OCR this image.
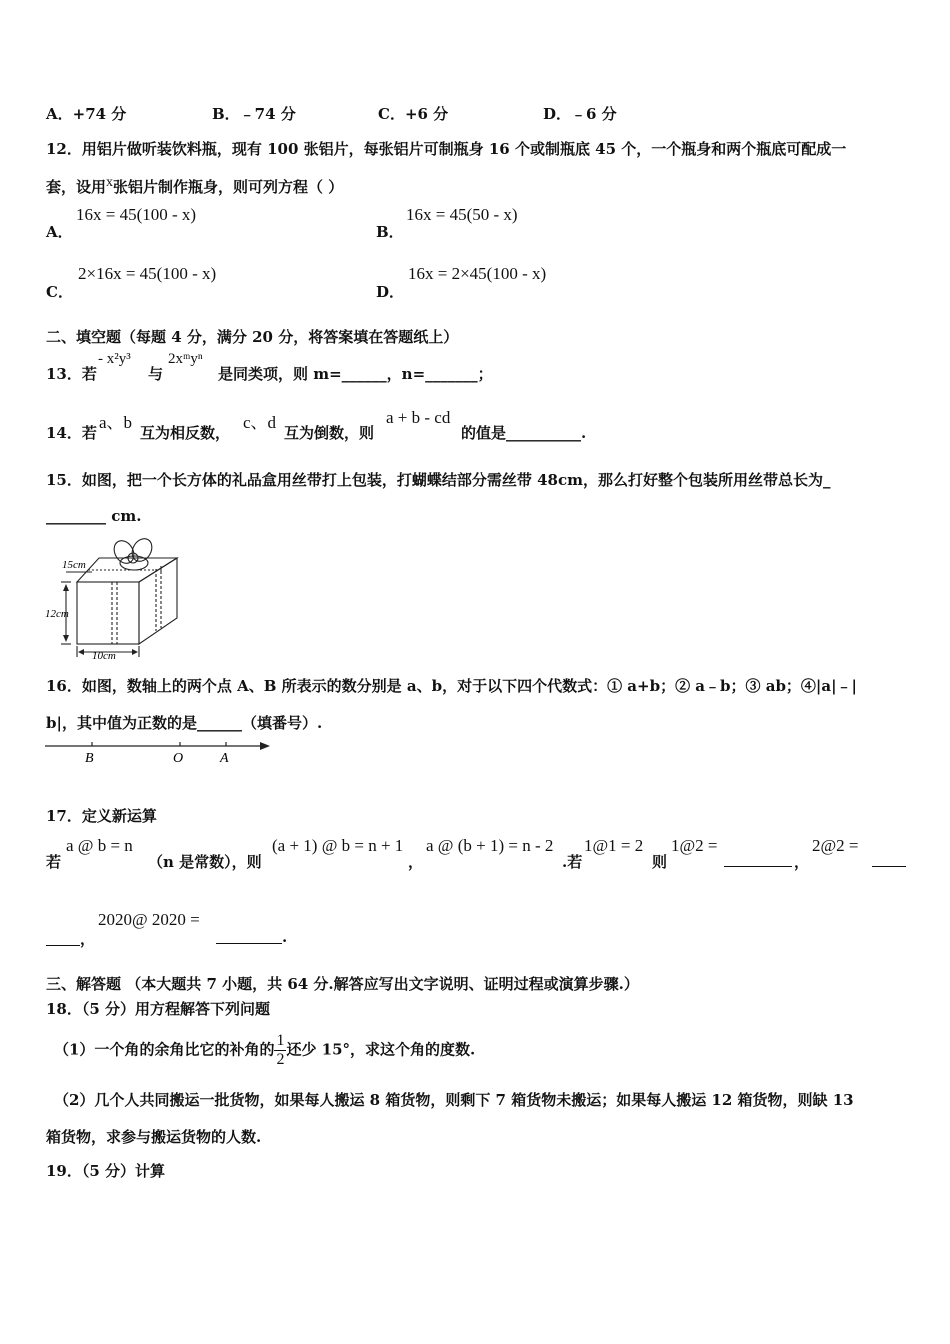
A．+74 分	B．﹣74 分	C．+6 分	D．﹣6 分
12．用铝片做听装饮料瓶，现有 100 张铝片，每张铝片可制瓶身 16 个或制瓶底 45 个，一个瓶身和两个瓶底可配成一
套，设用x张铝片制作瓶身，则可列方程（ ）
A．
16x = 45(100 - x)
B．
16x = 45(50 - x)
C．
2×16x = 45(100 - x)
D．
16x = 2×45(100 - x)
二、填空题（每题 4 分，满分 20 分，将答案填在答题纸上）
13．若
- x²y³
与
2xᵐyⁿ
是同类项，则 m=______，n=_______；
14．若
a、b
互为相反数，
c、d
互为倒数，则
a + b - cd
的值是__________.
15．如图，把一个长方体的礼品盒用丝带打上包装，打蝴蝶结部分需丝带 48cm，那么打好整个包装所用丝带总长为_
________ cm.
15cm
12cm
10cm
16．如图，数轴上的两个点 A、B 所表示的数分别是 a、b，对于以下四个代数式：① a+b；② a﹣b；③ ab；④|a|﹣|
b|，其中值为正数的是______（填番号）.
B	O	A
17．定义新运算
若
a @ b = n
（n 是常数），则
(a + 1) @ b = n + 1
，
a @ (b + 1) = n - 2
.若
1@1 = 2
则
1@2 =
，
2@2 =
，
2020@ 2020 =
.
三、解答题 （本大题共 7 小题，共 64 分.解答应写出文字说明、证明过程或演算步骤.）
18．（5 分）用方程解答下列问题
（1）一个角的余角比它的补角的 $\frac{1}{2}$ 还少 15°，求这个角的度数.
（2）几个人共同搬运一批货物，如果每人搬运 8 箱货物，则剩下 7 箱货物未搬运；如果每人搬运 12 箱货物，则缺 13
箱货物，求参与搬运货物的人数.
19．（5 分）计算
